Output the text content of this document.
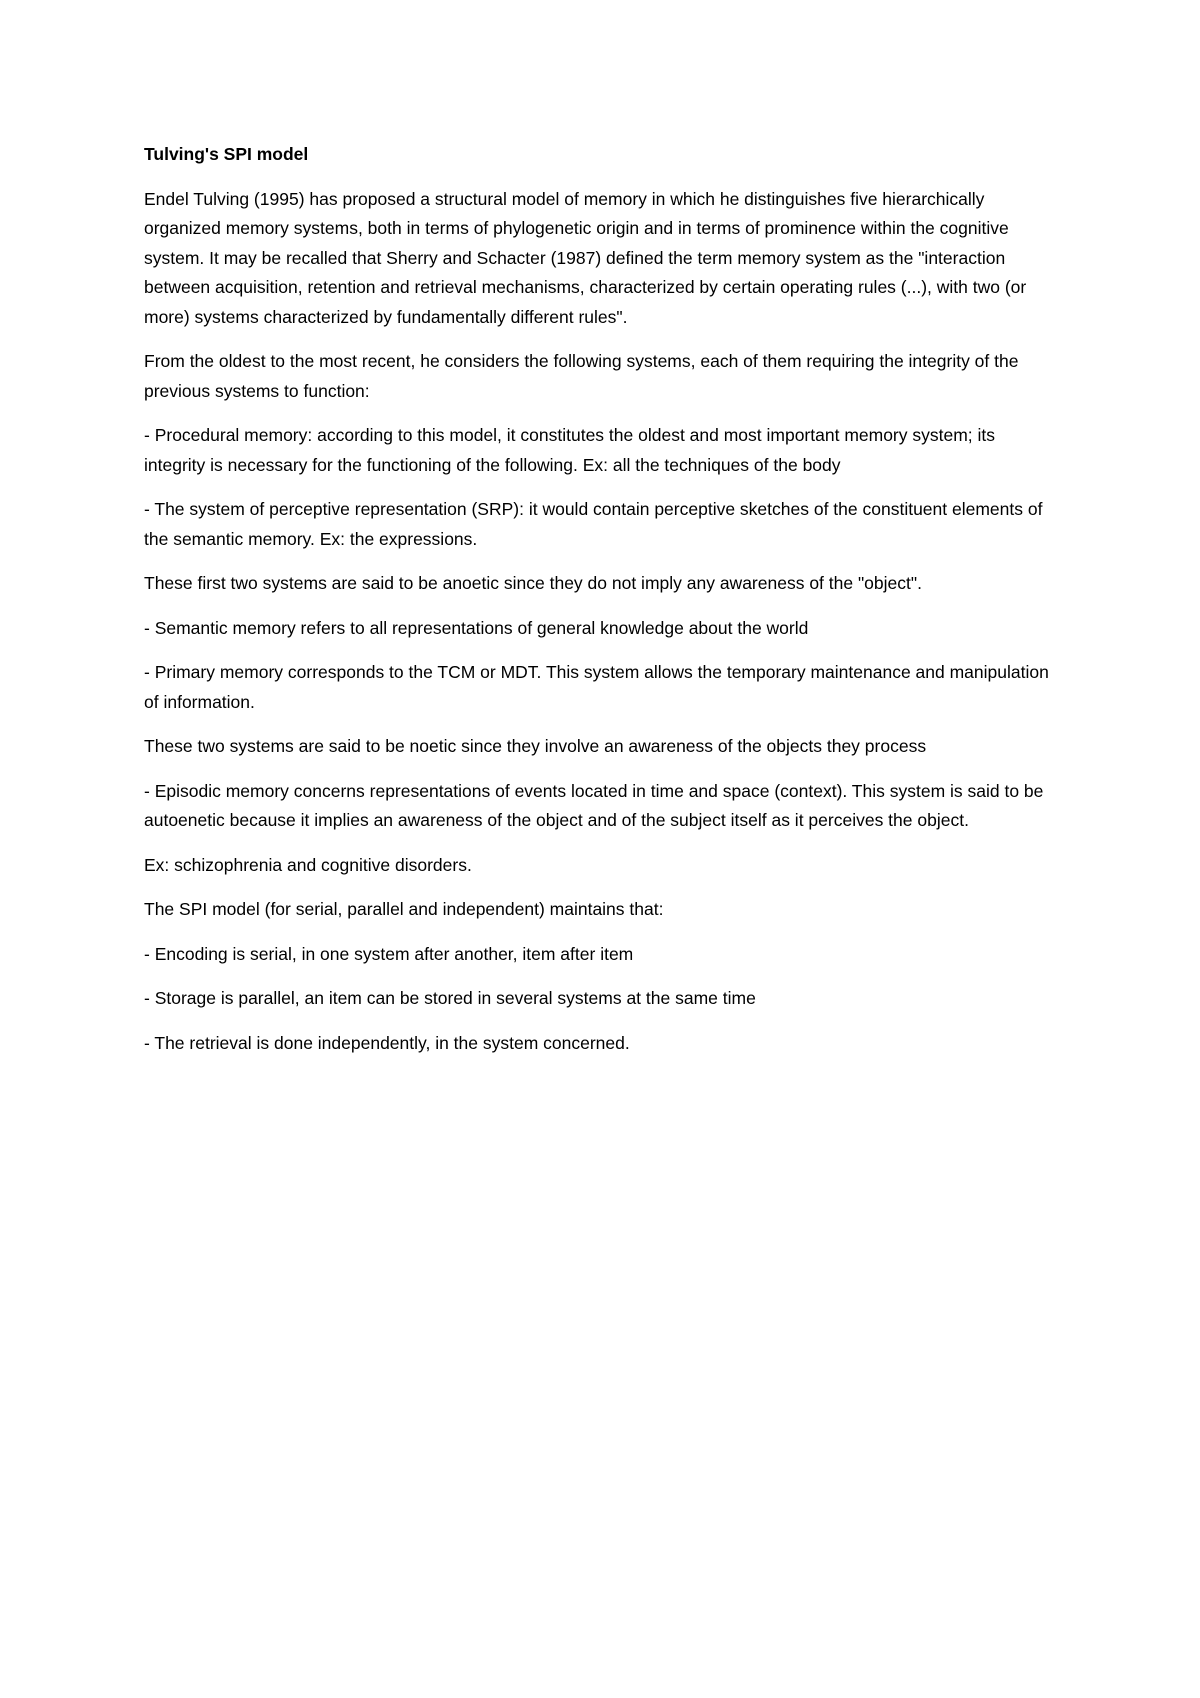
Tulving's SPI model

Endel Tulving (1995) has proposed a structural model of memory in which he distinguishes five hierarchically organized memory systems, both in terms of phylogenetic origin and in terms of prominence within the cognitive system. It may be recalled that Sherry and Schacter (1987) defined the term memory system as the "interaction between acquisition, retention and retrieval mechanisms, characterized by certain operating rules (...), with two (or more) systems characterized by fundamentally different rules".

From the oldest to the most recent, he considers the following systems, each of them requiring the integrity of the previous systems to function:

- Procedural memory: according to this model, it constitutes the oldest and most important memory system; its integrity is necessary for the functioning of the following. Ex: all the techniques of the body

- The system of perceptive representation (SRP): it would contain perceptive sketches of the constituent elements of the semantic memory. Ex: the expressions.

These first two systems are said to be anoetic since they do not imply any awareness of the "object".

- Semantic memory refers to all representations of general knowledge about the world

- Primary memory corresponds to the TCM or MDT. This system allows the temporary maintenance and manipulation of information.

These two systems are said to be noetic since they involve an awareness of the objects they process

- Episodic memory concerns representations of events located in time and space (context). This system is said to be autoenetic because it implies an awareness of the object and of the subject itself as it perceives the object.

Ex: schizophrenia and cognitive disorders.

The SPI model (for serial, parallel and independent) maintains that:

- Encoding is serial, in one system after another, item after item

- Storage is parallel, an item can be stored in several systems at the same time

- The retrieval is done independently, in the system concerned.
